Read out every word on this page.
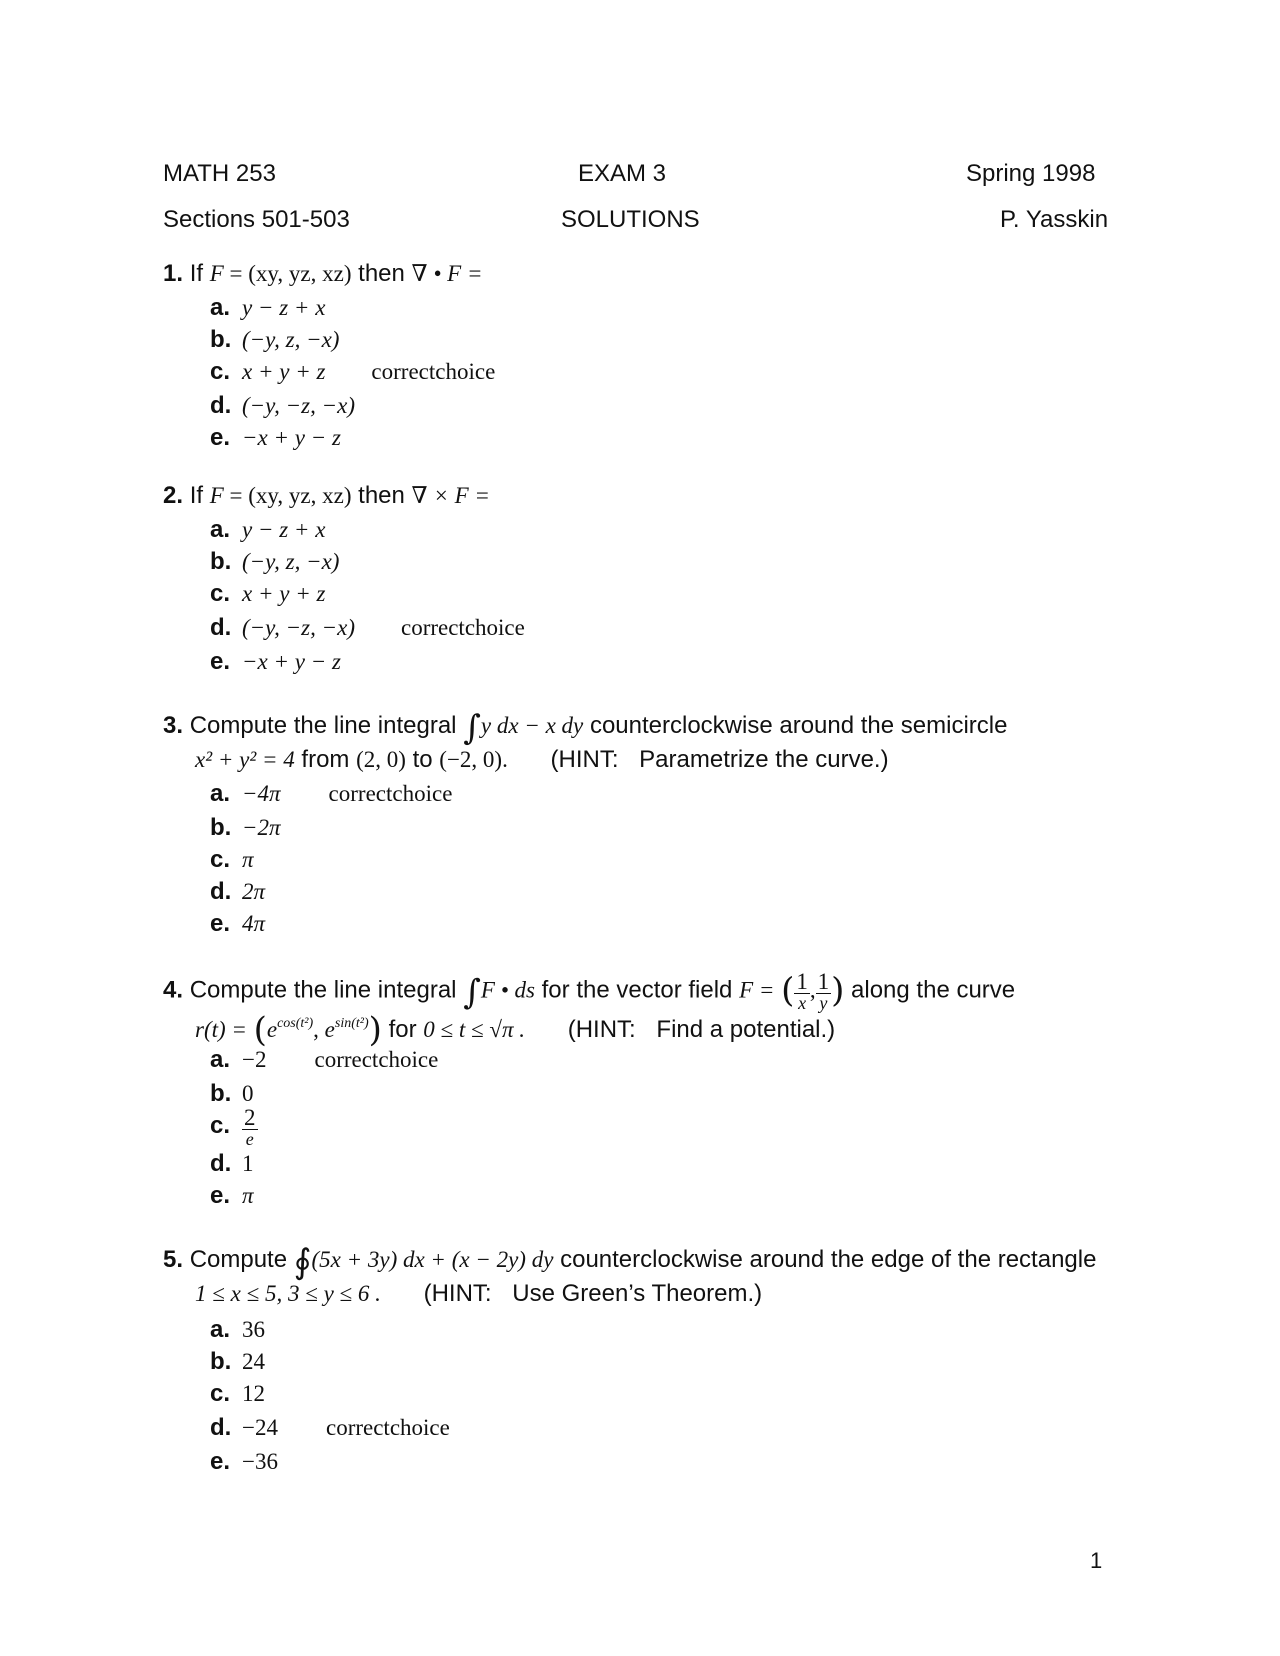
MATH 253	EXAM 3	Spring 1998
Sections 501-503	SOLUTIONS	P. Yasskin
1. If F = (xy, yz, xz) then ∇ • F =
a. y − z + x
b. (−y, z, −x)
c. x + y + z correctchoice
d. (−y, −z, −x)
e. −x + y − z
2. If F = (xy, yz, xz) then ∇ × F =
a. y − z + x
b. (−y, z, −x)
c. x + y + z
d. (−y, −z, −x) correctchoice
e. −x + y − z
3. Compute the line integral ∫y dx − x dy counterclockwise around the semicircle
x² + y² = 4 from (2, 0) to (−2, 0). (HINT: Parametrize the curve.)
a. −4π correctchoice
b. −2π
c. π
d. 2π
e. 4π
4. Compute the line integral ∫F • ds for the vector field F = ( $\frac{1}{x}$ , $\frac{1}{y}$ ) along the curve
$r(t) = (e^{cos(t^2)}$, $e^{sin(t^2)}$) for 0 ≤ t ≤ √π . (HINT: Find a potential.)
a. −2 correctchoice
b. 0
c. $\frac{2}{e}$
d. 1
e. π
5. Compute ∮(5x + 3y) dx + (x − 2y) dy counterclockwise around the edge of the rectangle
1 ≤ x ≤ 5, 3 ≤ y ≤ 6 . (HINT: Use Green’s Theorem.)
a. 36
b. 24
c. 12
d. −24 correctchoice
e. −36
1
